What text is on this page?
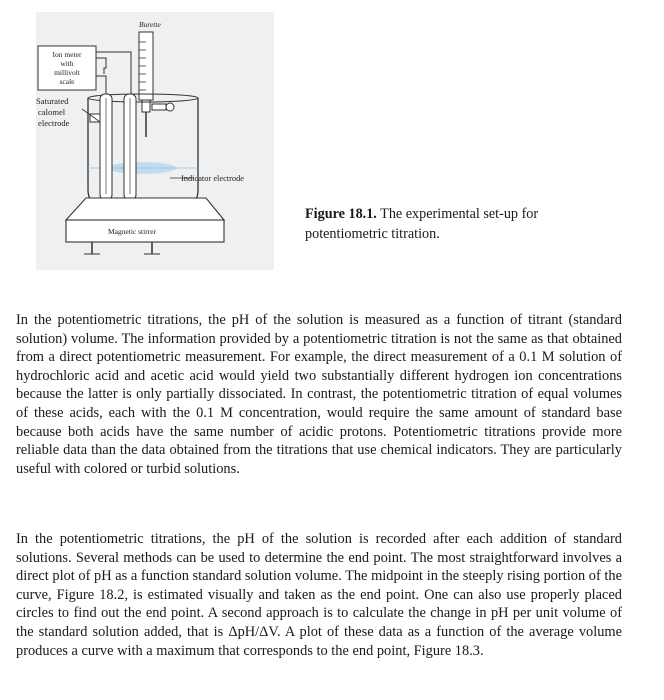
Burette
Ion meter
with
millivolt
scale
Indicator electrode
Saturated
calomel
electrode
Magnetic stirrer
Figure 18.1. The experimental set-up for potentiometric titration.

In the potentiometric titrations, the pH of the solution is measured as a function of titrant (standard solution) volume. The information provided by a potentiometric titration is not the same as that obtained from a direct potentiometric measurement. For example, the direct measurement of a 0.1 M solution of hydrochloric acid and acetic acid would yield two substantially different hydrogen ion concentrations because the latter is only partially dissociated. In contrast, the potentiometric titration of equal volumes of these acids, each with the 0.1 M concentration, would require the same amount of standard base because both acids have the same number of acidic protons. Potentiometric titrations provide more reliable data than the data obtained from the titrations that use chemical indicators. They are particularly useful with colored or turbid solutions.

In the potentiometric titrations, the pH of the solution is recorded after each addition of standard solutions. Several methods can be used to determine the end point. The most straightforward involves a direct plot of pH as a function standard solution volume. The midpoint in the steeply rising portion of the curve, Figure 18.2, is estimated visually and taken as the end point. One can also use properly placed circles to find out the end point. A second approach is to calculate the change in pH per unit volume of the standard solution added, that is ΔpH/ΔV. A plot of these data as a function of the average volume produces a curve with a maximum that corresponds to the end point, Figure 18.3.
